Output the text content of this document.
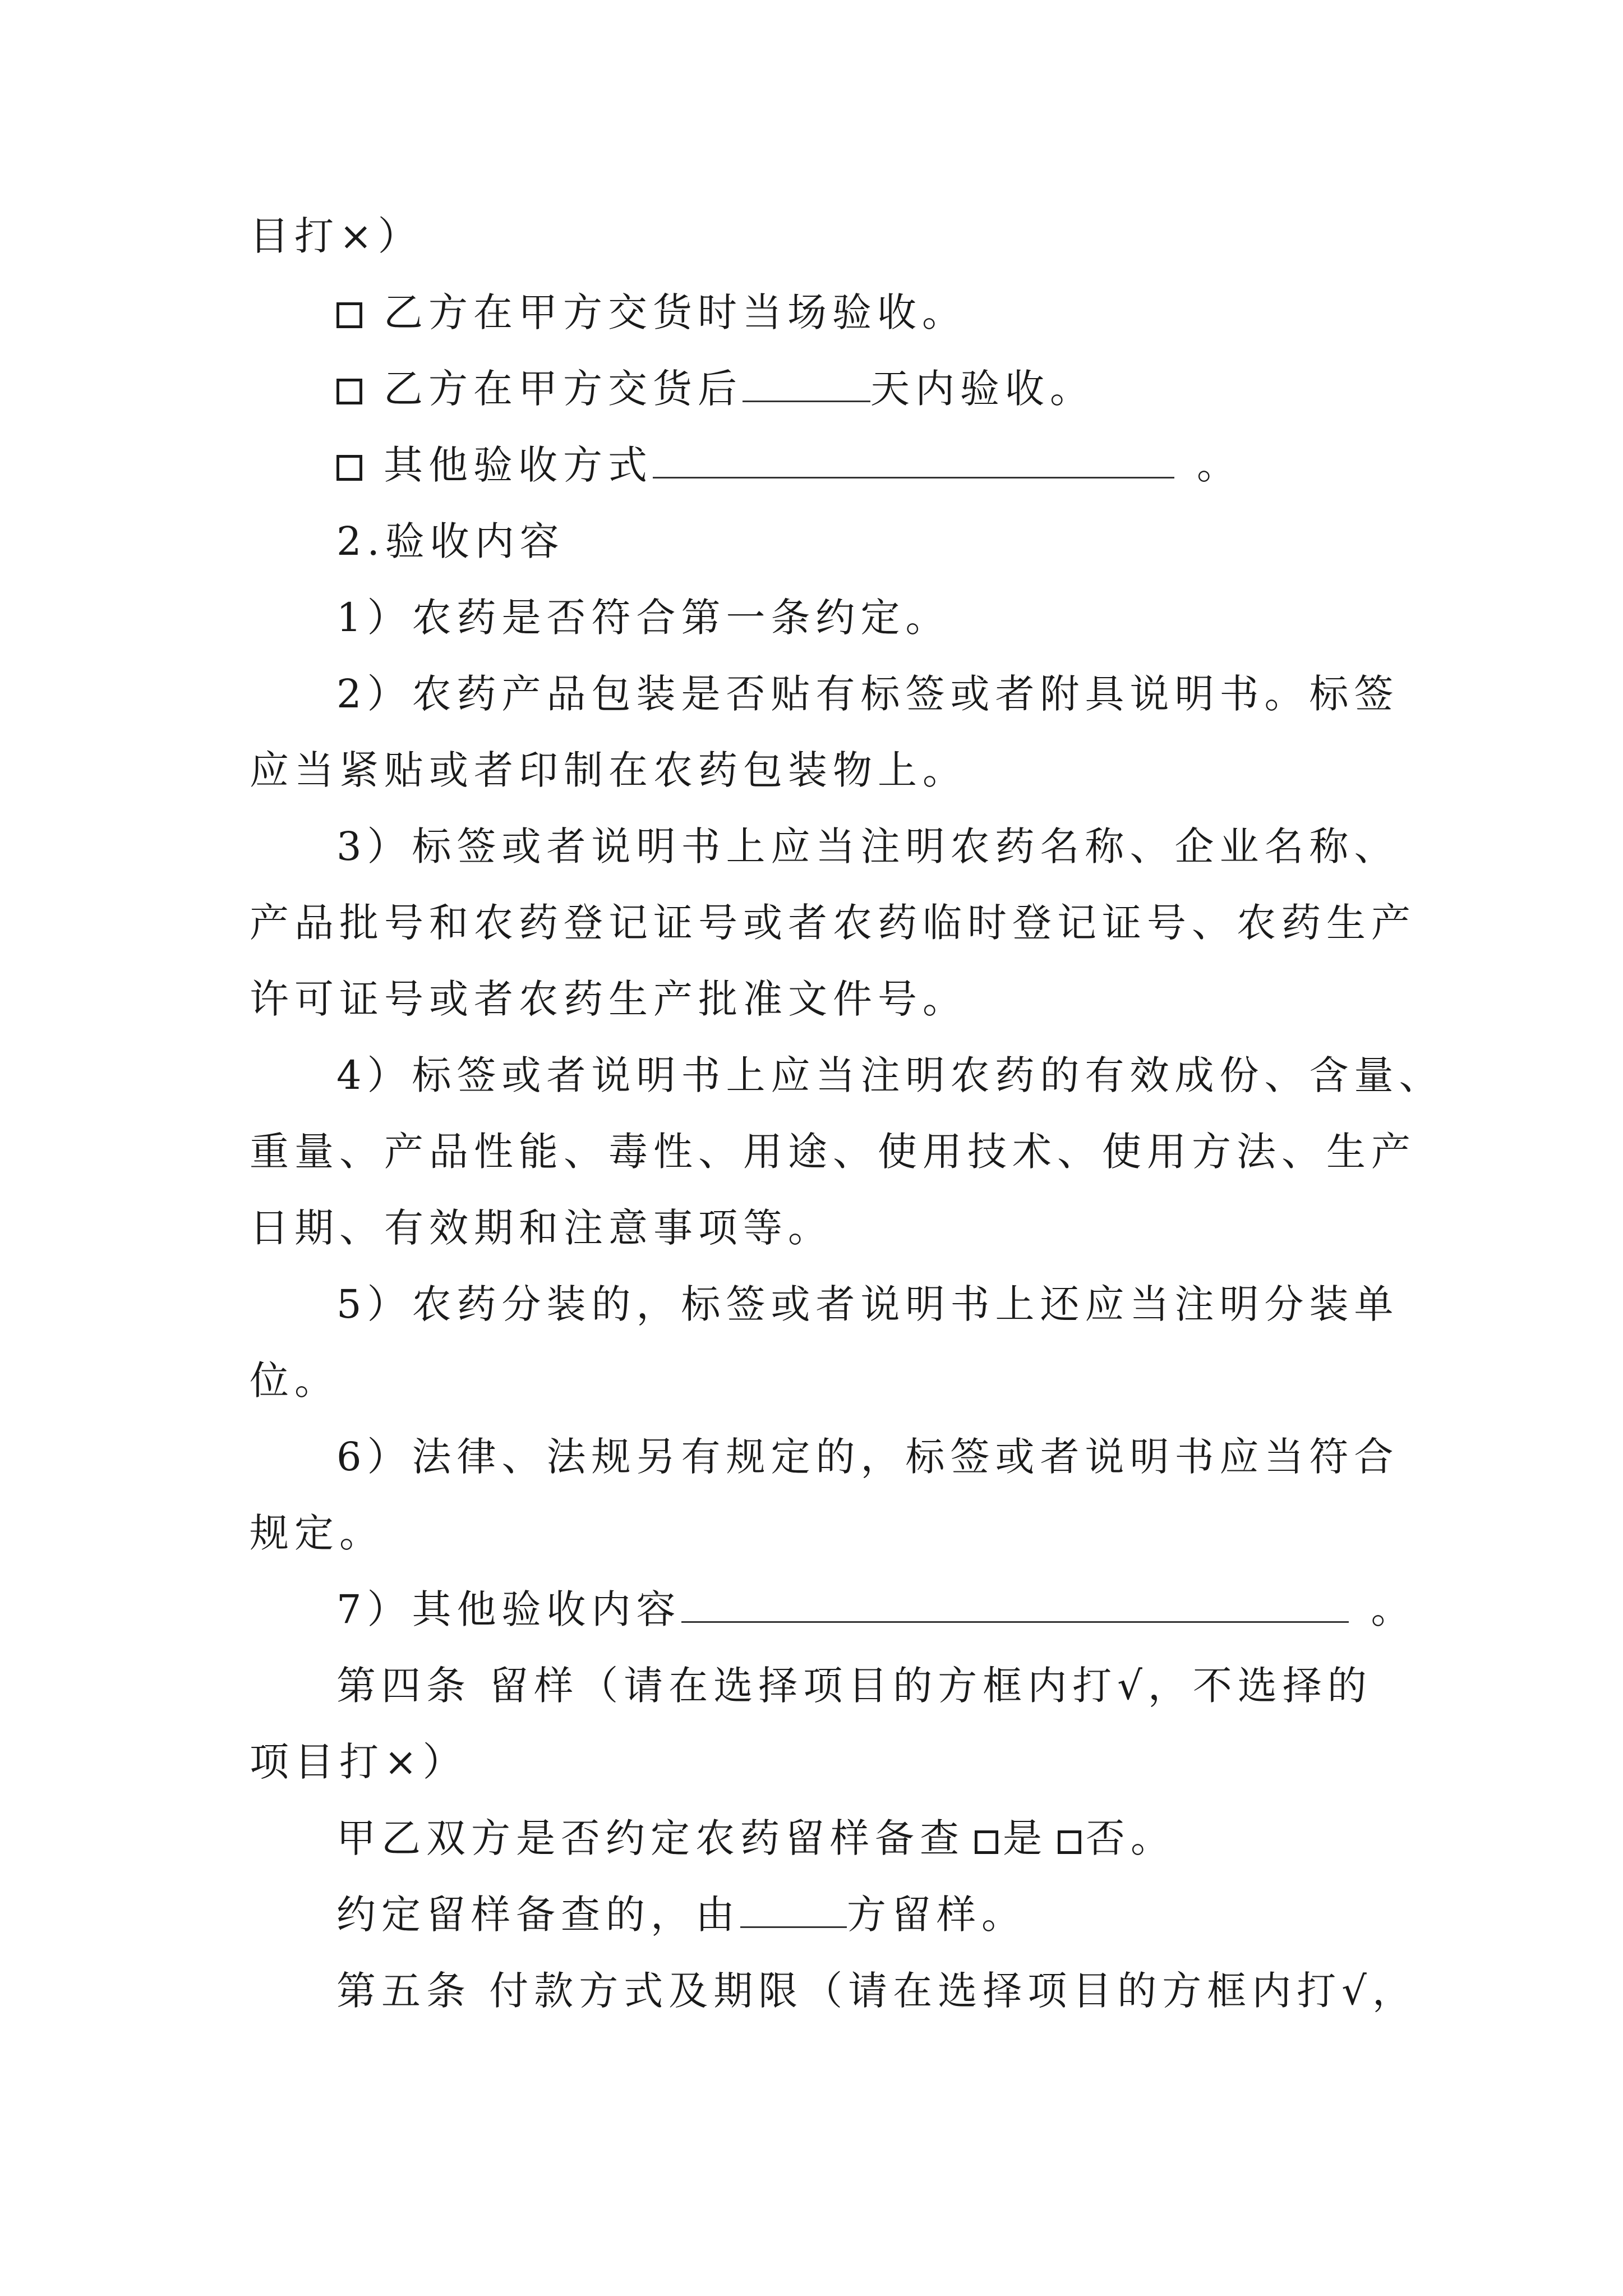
目打×）
乙方在甲方交货时当场验收。
乙方在甲方交货后	天内验收。
其他验收方式	。
2.验收内容
1）农药是否符合第一条约定。
2）农药产品包装是否贴有标签或者附具说明书。标签
应当紧贴或者印制在农药包装物上。
3）标签或者说明书上应当注明农药名称、企业名称、
产品批号和农药登记证号或者农药临时登记证号、农药生产
许可证号或者农药生产批准文件号。
4）标签或者说明书上应当注明农药的有效成份、含量、
重量、产品性能、毒性、用途、使用技术、使用方法、生产
日期、有效期和注意事项等。
5）农药分装的，标签或者说明书上还应当注明分装单
位。
6）法律、法规另有规定的，标签或者说明书应当符合
规定。
7）其他验收内容	。
第四条 留样（请在选择项目的方框内打√，不选择的
项目打×）
甲乙双方是否约定农药留样备查 是 否。
约定留样备查的，由	方留样。
第五条 付款方式及期限（请在选择项目的方框内打√，
